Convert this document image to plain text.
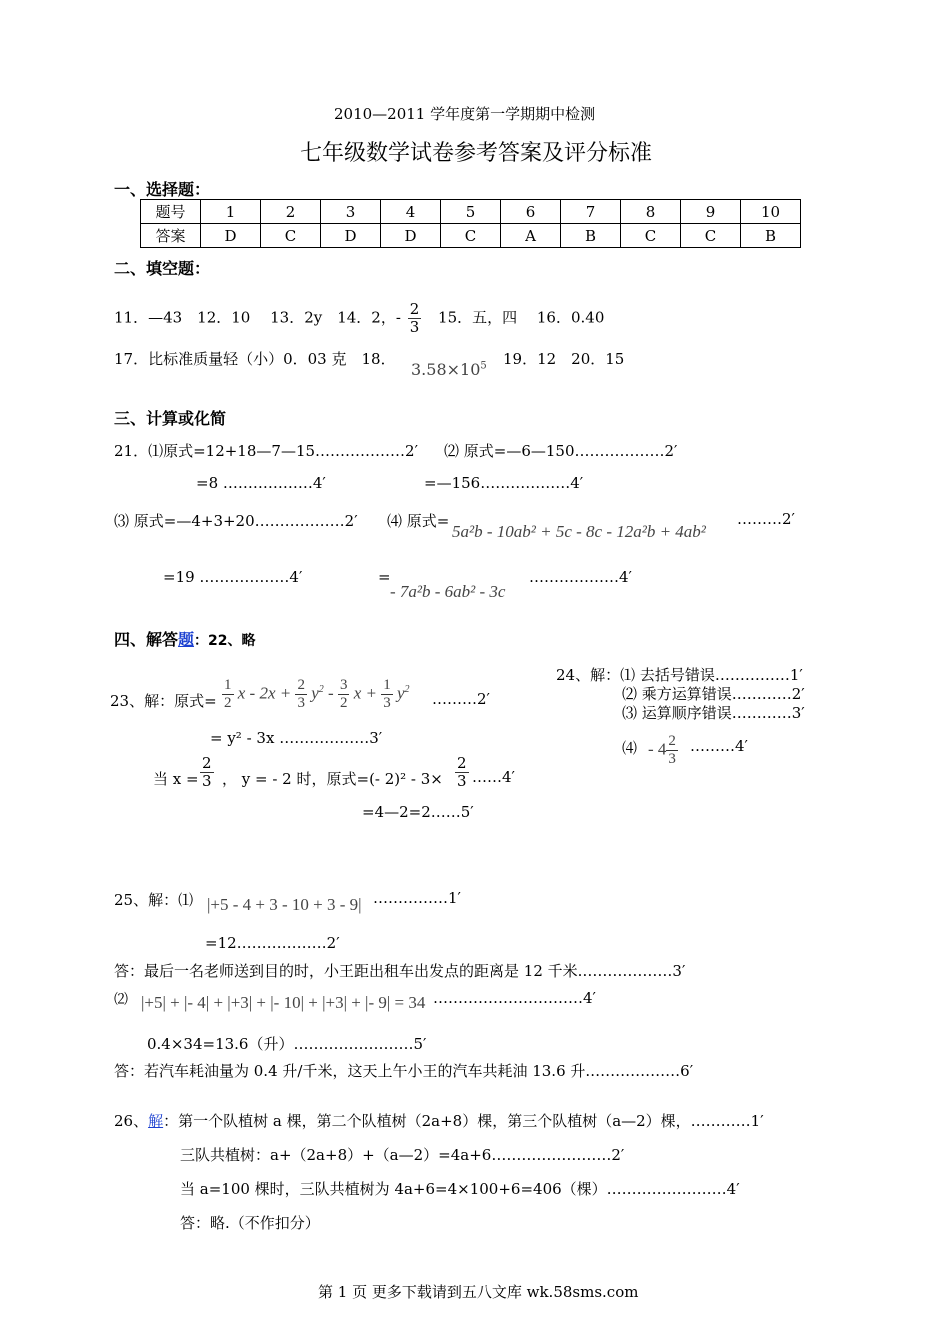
2010—2011 学年度第一学期期中检测
七年级数学试卷参考答案及评分标准
一、选择题：
题号	1	2	3	4	5	6	7	8	9	10
答案	D	C	D	D	C	A	B	C	C	B
二、填空题：
11．—43　12．10　 13．2y　14．2，- $\frac{2}{3} 15$．五，四　 16．0.40
17．比标准质量轻（小）0．03 克　18．
$3.58\times 10^5$ 19．12　20．15
三、计算或化简
21．⑴原式=12+18—7—15………………2′ ⑵ 原式=—6—150………………2′
=8 ………………4′	=—156………………4′
⑶ 原式=—4+3+20………………2′ ⑷ 原式=
5a²b - 10ab² + 5c - 8c - 12a²b + 4ab²
………2′
=19 ………………4′	=
- 7a²b - 6ab² - 3c
………………4′
四、解答题：22、略
23、解：原式= $\frac{1}{2}$ $x - 2x + \frac{2}{3} y^2 - \frac{3}{2}$ $x + \frac{1}{3} y^2$
………2′
= y² - 3x ………………3′
当 $x = \frac{2}{3}$ ， y = - 2 时，原式=(- $2)^2 - 3\times \frac{2}{3}$ ……4′
=4—2=2……5′
24、解：⑴ 去括号错误……………1′
⑵ 乘方运算错误…………2′
⑶ 运算顺序错误…………3′
⑷ - $4 \frac{2}{3}$ ………4′
25、解：⑴ |+5 - 4 + 3 - 10 + 3 - 9| ……………1′
=12………………2′
答：最后一名老师送到目的时，小王距出租车出发点的距离是 12 千米.………………3′
⑵ |+5| + |- 4| + |+3| + |- 10| + |+3| + |- 9| = 34 …………………………4′
0.4×34=13.6（升）……………………5′
答：若汽车耗油量为 0.4 升/千米，这天上午小王的汽车共耗油 13.6 升.………………6′
26、解：第一个队植树 a 棵，第二个队植树（2a+8）棵，第三个队植树（a—2）棵，…………1′
三队共植树：a+（2a+8）+（a—2）=4a+6……………………2′
当 a=100 棵时，三队共植树为 4a+6=4×100+6=406（棵）……………………4′
答：略.（不作扣分）
第 1 页 更多下载请到五八文库 wk.58sms.com
